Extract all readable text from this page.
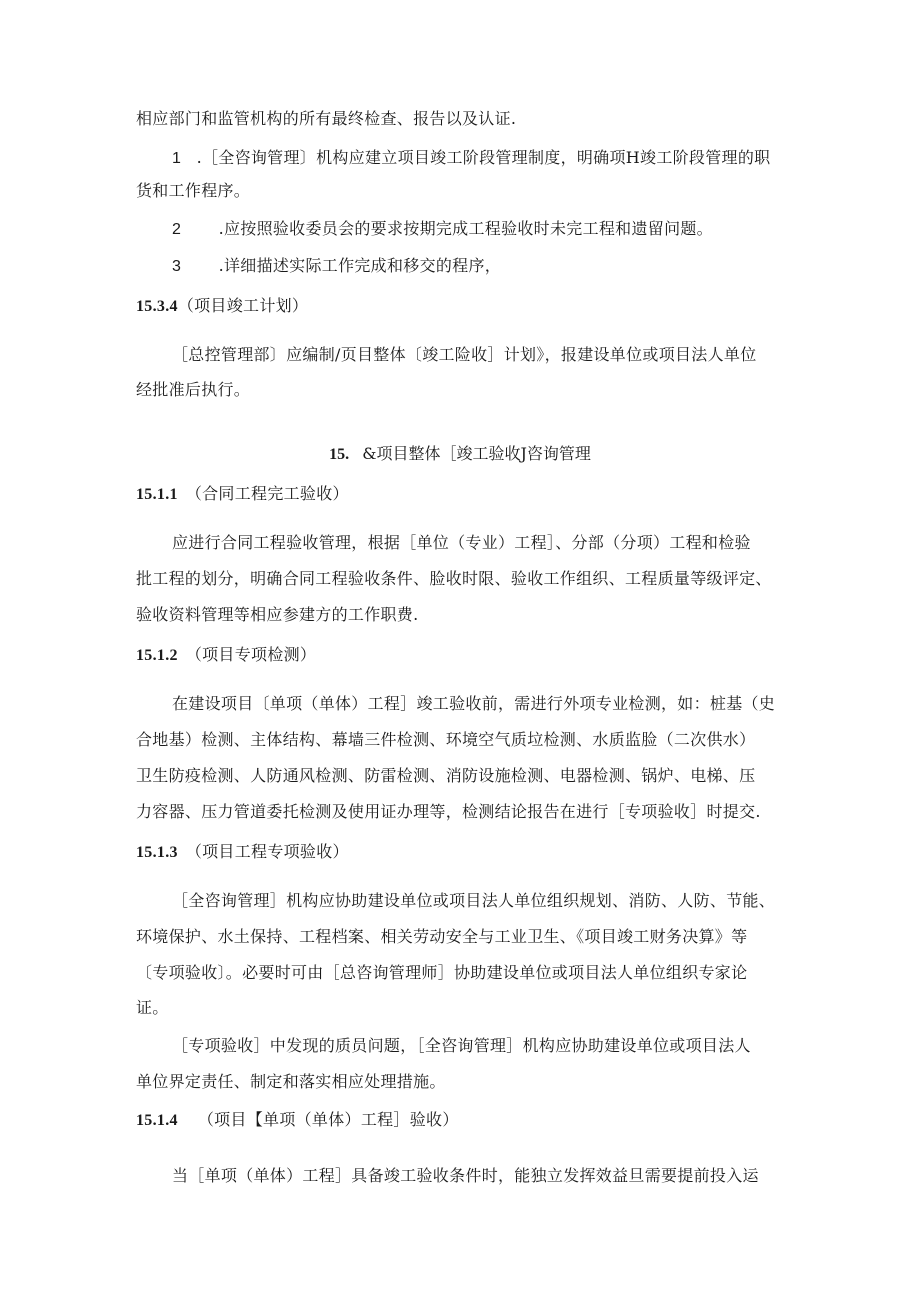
相应部门和监管机构的所有最终检查、报告以及认证.
1 .［全咨询管理〕机构应建立项目竣工阶段管理制度，明确项H竣工阶段管理的职
货和工作程序。
2 .应按照验收委员会的要求按期完成工程验收时未完工程和遗留问题。
3 .详细描述实际工作完成和移交的程序，
15.3.4（项目竣工计划）
［总控管理部〕应编制/页目整体〔竣工险收］计划》，报建设单位或项目法人单位
经批准后执行。
15. &项目整体［竣工验收J咨询管理
15.1.1 （合同工程完工验收）
应进行合同工程验收管理，根据［单位（专业）工程］、分部（分项）工程和检验
批工程的划分，明确合同工程验收条件、脸收时限、验收工作组织、工程质量等级评定、
验收资料管理等相应参建方的工作职费.
15.1.2 （项目专项检测）
在建设项目〔单项（单体）工程］竣工验收前，需进行外项专业检测，如：桩基（史
合地基）检测、主体结构、幕墙三件检测、环境空气质垃检测、水质监脸（二次供水）
卫生防疫检测、人防通风检测、防雷检测、消防设施检测、电器检测、锅炉、电梯、压
力容器、压力管道委托检测及使用证办理等，检测结论报告在进行［专项验收］时提交.
15.1.3 （项目工程专项验收）
［全咨询管理］机构应协助建设单位或项目法人单位组织规划、消防、人防、节能、
环境保护、水土保持、工程档案、相关劳动安全与工业卫生、《项目竣工财务决算》等
〔专项验收〕。必要时可由［总咨询管理师］协助建设单位或项目法人单位组织专家论
证。
［专项验收］中发现的质员问题，［全咨询管理］机构应协助建设单位或项目法人
单位界定责任、制定和落实相应处理措施。
15.1.4 （项目【单项（单体）工程］验收）
当［单项（单体）工程］具备竣工验收条件时，能独立发挥效益旦需要提前投入运
